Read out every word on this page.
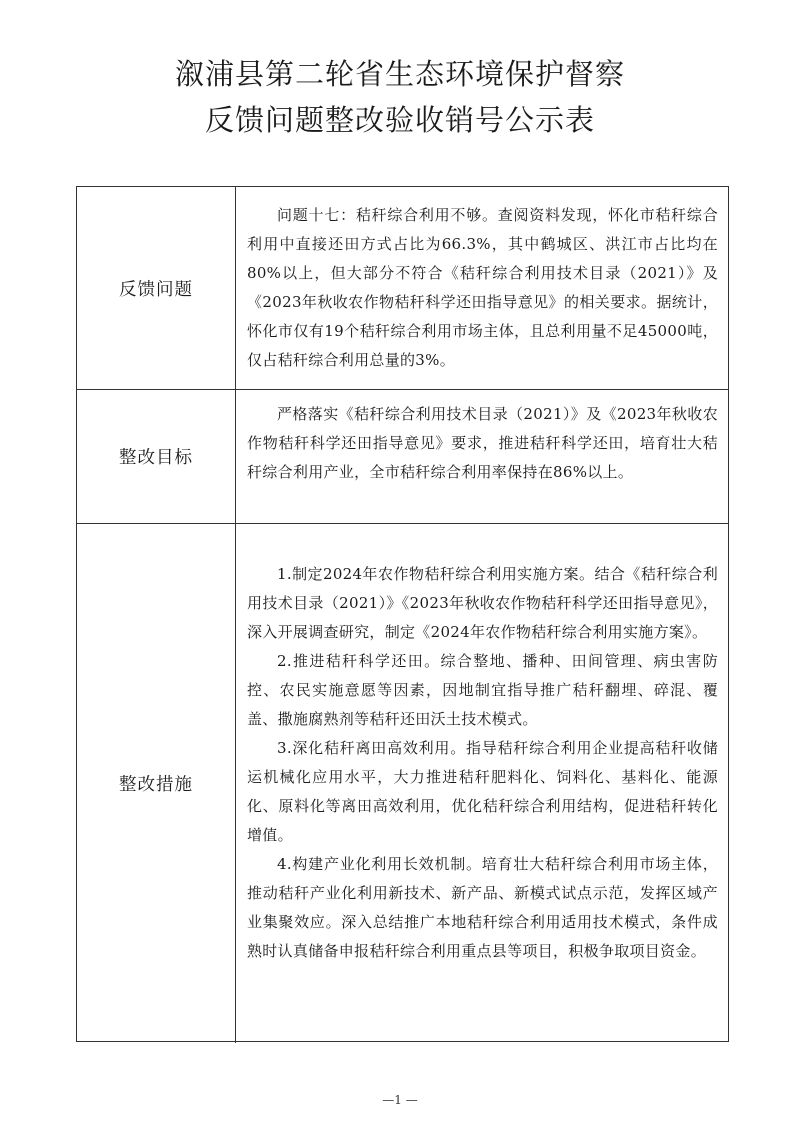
溆浦县第二轮省生态环境保护督察
反馈问题整改验收销号公示表
反馈问题

问题十七：秸秆综合利用不够。查阅资料发现，怀化市秸秆综合利用中直接还田方式占比为66.3%，其中鹤城区、洪江市占比均在80%以上，但大部分不符合《秸秆综合利用技术目录（2021）》及《2023年秋收农作物秸秆科学还田指导意见》的相关要求。据统计，怀化市仅有19个秸秆综合利用市场主体，且总利用量不足45000吨，仅占秸秆综合利用总量的3%。

整改目标

严格落实《秸秆综合利用技术目录（2021）》及《2023年秋收农作物秸秆科学还田指导意见》要求，推进秸秆科学还田，培育壮大秸秆综合利用产业，全市秸秆综合利用率保持在86%以上。

整改措施

1.制定2024年农作物秸秆综合利用实施方案。结合《秸秆综合利用技术目录（2021）》《2023年秋收农作物秸秆科学还田指导意见》，深入开展调查研究，制定《2024年农作物秸秆综合利用实施方案》。

2.推进秸秆科学还田。综合整地、播种、田间管理、病虫害防控、农民实施意愿等因素，因地制宜指导推广秸秆翻埋、碎混、覆盖、撒施腐熟剂等秸秆还田沃土技术模式。

3.深化秸秆离田高效利用。指导秸秆综合利用企业提高秸秆收储运机械化应用水平，大力推进秸秆肥料化、饲料化、基料化、能源化、原料化等离田高效利用，优化秸秆综合利用结构，促进秸秆转化增值。

4.构建产业化利用长效机制。培育壮大秸秆综合利用市场主体，推动秸秆产业化利用新技术、新产品、新模式试点示范，发挥区域产业集聚效应。深入总结推广本地秸秆综合利用适用技术模式，条件成熟时认真储备申报秸秆综合利用重点县等项目，积极争取项目资金。

—1 —
